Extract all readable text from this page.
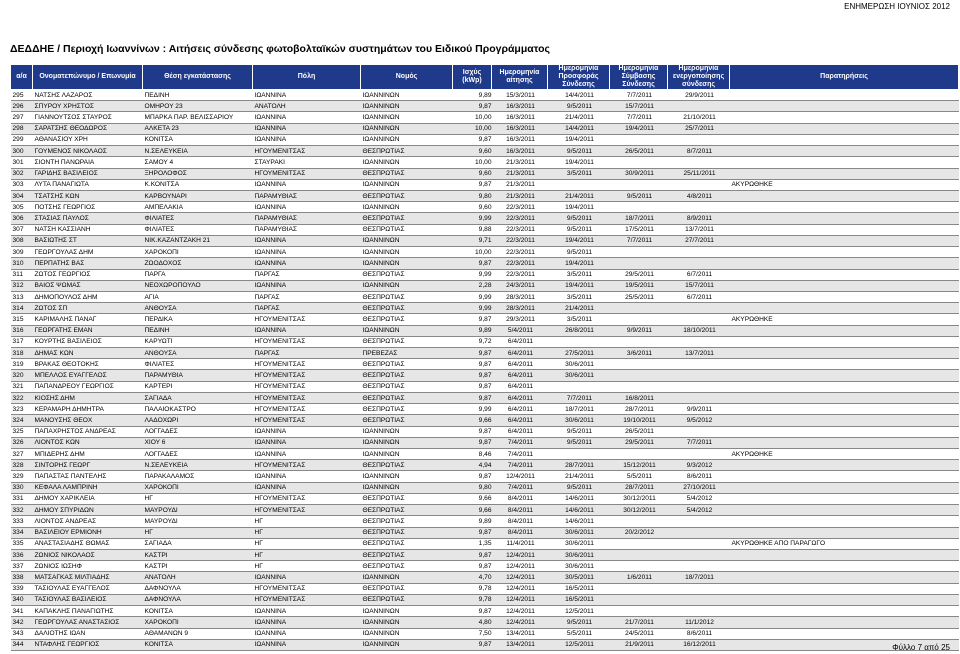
ΕΝΗΜΕΡΩΣΗ ΙΟΥΝΙΟΣ 2012
ΔΕΔΔΗΕ / Περιοχή Ιωαννίνων : Αιτήσεις σύνδεσης φωτοβολταϊκών συστημάτων του Ειδικού Προγράμματος
α/α	Ονοματεπώνυμο / Επωνυμία	Θέση εγκατάστασης	Πόλη	Νομός	Ισχύς (kWp)	Ημερομηνία αίτησης	Ημερομηνία Προσφοράς Σύνδεσης	Ημερομηνία Σύμβασης Σύνδεσης	Ημερομηνία ενεργοποίησης σύνδεσης	Παρατηρήσεις
295	ΝΑΤΣΗΣ ΛΑΖΑΡΟΣ	ΠΕΔΙΝΗ	ΙΩΑΝΝΙΝΑ	ΙΩΑΝΝΙΝΩΝ	9,89	15/3/2011	14/4/2011	7/7/2011	29/9/2011	
296	ΣΠΥΡΟΥ ΧΡΗΣΤΟΣ	ΟΜΗΡΟΥ 23	ΑΝΑΤΟΛΗ	ΙΩΑΝΝΙΝΩΝ	9,87	16/3/2011	9/5/2011	15/7/2011		
297	ΓΙΑΝΝΟΥΤΣΟΣ ΣΤΑΥΡΟΣ	ΜΠΑΡΚΑ ΠΑΡ. ΒΕΛΙΣΣΑΡΙΟΥ	ΙΩΑΝΝΙΝΑ	ΙΩΑΝΝΙΝΩΝ	10,00	16/3/2011	21/4/2011	7/7/2011	21/10/2011	
298	ΣΑΡΑΤΣΗΣ ΘΕΟΔΩΡΟΣ	ΑΛΚΕΤΑ 23	ΙΩΑΝΝΙΝΑ	ΙΩΑΝΝΙΝΩΝ	10,00	16/3/2011	14/4/2011	19/4/2011	25/7/2011	
299	ΑΘΑΝΑΣΙΟΥ ΧΡΗ	ΚΟΝΙΤΣΑ	ΙΩΑΝΝΙΝΑ	ΙΩΑΝΝΙΝΩΝ	9,87	16/3/2011	19/4/2011			
300	ΓΟΥΜΕΝΟΣ ΝΙΚΟΛΑΟΣ	Ν.ΣΕΛΕΥΚΕΙΑ	ΗΓΟΥΜΕΝΙΤΣΑΣ	ΘΕΣΠΡΩΤΙΑΣ	9,60	16/3/2011	9/5/2011	26/5/2011	8/7/2011	
301	ΣΙΟΝΤΗ ΠΑΝΩΡΑΙΑ	ΣΑΜΟΥ 4	ΣΤΑΥΡΑΚΙ	ΙΩΑΝΝΙΝΩΝ	10,00	21/3/2011	19/4/2011			
302	ΓΑΡΙΔΗΣ ΒΑΣΙΛΕΙΟΣ	ΞΗΡΟΛΟΦΟΣ	ΗΓΟΥΜΕΝΙΤΣΑΣ	ΘΕΣΠΡΩΤΙΑΣ	9,60	21/3/2011	3/5/2011	30/9/2011	25/11/2011	
303	ΛΥΤΑ ΠΑΝΑΓΙΩΤΑ	Κ.ΚΟΝΙΤΣΑ	ΙΩΑΝΝΙΝΑ	ΙΩΑΝΝΙΝΩΝ	9,87	21/3/2011				ΑΚΥΡΩΘΗΚΕ
304	ΤΣΑΤΣΗΣ ΚΩΝ	ΚΑΡΒΟΥΝΑΡΙ	ΠΑΡΑΜΥΘΙΑΣ	ΘΕΣΠΡΩΤΙΑΣ	9,80	21/3/2011	21/4/2011	9/5/2011	4/8/2011	
305	ΠΟΤΣΗΣ ΓΕΩΡΓΙΟΣ	ΑΜΠΕΛΑΚΙΑ	ΙΩΑΝΝΙΝΑ	ΙΩΑΝΝΙΝΩΝ	9,60	22/3/2011	19/4/2011			
306	ΣΤΑΣΙΑΣ ΠΑΥΛΟΣ	ΦΙΛΙΑΤΕΣ	ΠΑΡΑΜΥΘΙΑΣ	ΘΕΣΠΡΩΤΙΑΣ	9,99	22/3/2011	9/5/2011	18/7/2011	8/9/2011	
307	ΝΑΤΣΗ ΚΑΣΣΙΑΝΗ	ΦΙΛΙΑΤΕΣ	ΠΑΡΑΜΥΘΙΑΣ	ΘΕΣΠΡΩΤΙΑΣ	9,88	22/3/2011	9/5/2011	17/5/2011	13/7/2011	
308	ΒΑΣΙΩΤΗΣ ΣΤ	ΝΙΚ.ΚΑΖΑΝΤΖΑΚΗ 21	ΙΩΑΝΝΙΝΑ	ΙΩΑΝΝΙΝΩΝ	9,71	22/3/2011	19/4/2011	7/7/2011	27/7/2011	
309	ΓΕΩΡΓΟΥΛΑΣ ΔΗΜ	ΧΑΡΟΚΟΠΙ	ΙΩΑΝΝΙΝΑ	ΙΩΑΝΝΙΝΩΝ	10,00	22/3/2011	9/5/2011			
310	ΠΕΡΠΑΤΗΣ ΒΑΣ	ΖΩΟΔΟΧΟΣ	ΙΩΑΝΝΙΝΑ	ΙΩΑΝΝΙΝΩΝ	9,87	22/3/2011	19/4/2011			
311	ΖΩΤΟΣ ΓΕΩΡΓΙΟΣ	ΠΑΡΓΑ	ΠΑΡΓΑΣ	ΘΕΣΠΡΩΤΙΑΣ	9,99	22/3/2011	3/5/2011	29/5/2011	6/7/2011	
312	ΒΑΙΟΣ ΨΩΜΑΣ	ΝΕΟΧΩΡΟΠΟΥΛΟ	ΙΩΑΝΝΙΝΑ	ΙΩΑΝΝΙΝΩΝ	2,28	24/3/2011	19/4/2011	19/5/2011	15/7/2011	
313	ΔΗΜΟΠΟΥΛΟΣ ΔΗΜ	ΑΓΙΑ	ΠΑΡΓΑΣ	ΘΕΣΠΡΩΤΙΑΣ	9,99	28/3/2011	3/5/2011	25/5/2011	6/7/2011	
314	ΖΩΤΟΣ ΣΠ	ΑΝΘΟΥΣΑ	ΠΑΡΓΑΣ	ΘΕΣΠΡΩΤΙΑΣ	9,99	28/3/2011	21/4/2011			
315	ΚΑΡΙΜΑΛΗΣ ΠΑΝΑΓ	ΠΕΡΔΙΚΑ	ΗΓΟΥΜΕΝΙΤΣΑΣ	ΘΕΣΠΡΩΤΙΑΣ	9,87	29/3/2011	3/5/2011			ΑΚΥΡΩΘΗΚΕ
316	ΓΕΩΡΓΑΤΗΣ ΕΜΑΝ	ΠΕΔΙΝΗ	ΙΩΑΝΝΙΝΑ	ΙΩΑΝΝΙΝΩΝ	9,89	5/4/2011	26/8/2011	9/9/2011	18/10/2011	
317	ΚΟΥΡΤΗΣ ΒΑΣΙΛΕΙΟΣ	ΚΑΡΥΩΤΙ	ΗΓΟΥΜΕΝΙΤΣΑΣ	ΘΕΣΠΡΩΤΙΑΣ	9,72	6/4/2011				
318	ΔΗΜΑΣ ΚΩΝ	ΑΝΘΟΥΣΑ	ΠΑΡΓΑΣ	ΠΡΕΒΕΖΑΣ	9,87	6/4/2011	27/5/2011	3/6/2011	13/7/2011	
319	ΒΡΑΚΑΣ ΘΕΟΤΟΚΗΣ	ΦΙΛΙΑΤΕΣ	ΗΓΟΥΜΕΝΙΤΣΑΣ	ΘΕΣΠΡΩΤΙΑΣ	9,87	6/4/2011	30/6/2011			
320	ΜΠΕΛΛΟΣ ΕΥΑΓΓΕΛΟΣ	ΠΑΡΑΜΥΘΙΑ	ΗΓΟΥΜΕΝΙΤΣΑΣ	ΘΕΣΠΡΩΤΙΑΣ	9,87	6/4/2011	30/6/2011			
321	ΠΑΠΑΝΔΡΕΟΥ ΓΕΩΡΓΙΟΣ	ΚΑΡΤΕΡΙ	ΗΓΟΥΜΕΝΙΤΣΑΣ	ΘΕΣΠΡΩΤΙΑΣ	9,87	6/4/2011				
322	ΚΙΟΣΗΣ ΔΗΜ	ΣΑΓΙΑΔΑ	ΗΓΟΥΜΕΝΙΤΣΑΣ	ΘΕΣΠΡΩΤΙΑΣ	9,87	6/4/2011	7/7/2011	16/8/2011		
323	ΚΕΡΑΜΑΡΗ ΔΗΜΗΤΡΑ	ΠΑΛΑΙΟΚΑΣΤΡΟ	ΗΓΟΥΜΕΝΙΤΣΑΣ	ΘΕΣΠΡΩΤΙΑΣ	9,99	6/4/2011	18/7/2011	28/7/2011	9/9/2011	
324	ΜΑΝΟΥΣΗΣ ΘΕΟΧ	ΛΑΔΟΧΩΡΙ	ΗΓΟΥΜΕΝΙΤΣΑΣ	ΘΕΣΠΡΩΤΙΑΣ	9,66	6/4/2011	30/6/2011	19/10/2011	9/5/2012	
325	ΠΑΠΑΧΡΗΣΤΟΣ ΑΝΔΡΕΑΣ	ΛΟΓΓΑΔΕΣ	ΙΩΑΝΝΙΝΑ	ΙΩΑΝΝΙΝΩΝ	9,87	6/4/2011	9/5/2011	26/5/2011		
326	ΛΙΟΝΤΟΣ ΚΩΝ	ΧΙΟΥ 6	ΙΩΑΝΝΙΝΑ	ΙΩΑΝΝΙΝΩΝ	9,87	7/4/2011	9/5/2011	29/5/2011	7/7/2011	
327	ΜΠΙΔΕΡΗΣ ΔΗΜ	ΛΟΓΓΑΔΕΣ	ΙΩΑΝΝΙΝΑ	ΙΩΑΝΝΙΝΩΝ	8,46	7/4/2011				ΑΚΥΡΩΘΗΚΕ
328	ΣΙΝΤΟΡΗΣ ΓΕΩΡΓ	Ν.ΣΕΛΕΥΚΕΙΑ	ΗΓΟΥΜΕΝΙΤΣΑΣ	ΘΕΣΠΡΩΤΙΑΣ	4,94	7/4/2011	28/7/2011	15/12/2011	9/3/2012	
329	ΠΑΠΑΣΤΑΣ ΠΑΝΤΕΛΗΣ	ΠΑΡΑΚΑΛΑΜΟΣ	ΙΩΑΝΝΙΝΑ	ΙΩΑΝΝΙΝΩΝ	9,87	12/4/2011	21/4/2011	5/5/2011	8/6/2011	
330	ΚΕΦΑΛΑ ΛΑΜΠΡΙΝΗ	ΧΑΡΟΚΟΠΙ	ΙΩΑΝΝΙΝΑ	ΙΩΑΝΝΙΝΩΝ	9,80	7/4/2011	9/5/2011	28/7/2011	27/10/2011	
331	ΔΗΜΟΥ ΧΑΡΙΚΛΕΙΑ	ΗΓ	ΗΓΟΥΜΕΝΙΤΣΑΣ	ΘΕΣΠΡΩΤΙΑΣ	9,66	8/4/2011	14/6/2011	30/12/2011	5/4/2012	
332	ΔΗΜΟΥ ΣΠΥΡΙΔΩΝ	ΜΑΥΡΟΥΔΙ	ΗΓΟΥΜΕΝΙΤΣΑΣ	ΘΕΣΠΡΩΤΙΑΣ	9,66	8/4/2011	14/6/2011	30/12/2011	5/4/2012	
333	ΛΙΟΝΤΟΣ ΑΝΔΡΕΑΣ	ΜΑΥΡΟΥΔΙ	ΗΓ	ΘΕΣΠΡΩΤΙΑΣ	9,89	8/4/2011	14/6/2011			
334	ΒΑΣΙΛΕΙΟΥ ΕΡΜΙΟΝΗ	ΗΓ	ΗΓ	ΘΕΣΠΡΩΤΙΑΣ	9,87	8/4/2011	30/6/2011	20/2/2012		
335	ΑΝΑΣΤΑΣΙΑΔΗΣ ΘΩΜΑΣ	ΣΑΓΙΑΔΑ	ΗΓ	ΘΕΣΠΡΩΤΙΑΣ	1,35	11/4/2011	30/6/2011			ΑΚΥΡΩΘΗΚΕ ΑΠΟ ΠΑΡΑΓΩΓΟ
336	ΖΩΝΙΟΣ ΝΙΚΟΛΑΟΣ	ΚΑΣΤΡΙ	ΗΓ	ΘΕΣΠΡΩΤΙΑΣ	9,87	12/4/2011	30/6/2011			
337	ΖΩΝΙΟΣ ΙΩΣΗΦ	ΚΑΣΤΡΙ	ΗΓ	ΘΕΣΠΡΩΤΙΑΣ	9,87	12/4/2011	30/6/2011			
338	ΜΑΤΣΑΓΚΑΣ ΜΙΛΤΙΑΔΗΣ	ΑΝΑΤΟΛΗ	ΙΩΑΝΝΙΝΑ	ΙΩΑΝΝΙΝΩΝ	4,70	12/4/2011	30/5/2011	1/6/2011	18/7/2011	
339	ΤΑΣΙΟΥΛΑΣ ΕΥΑΓΓΕΛΟΣ	ΔΑΦΝΟΥΛΑ	ΗΓΟΥΜΕΝΙΤΣΑΣ	ΘΕΣΠΡΩΤΙΑΣ	9,78	12/4/2011	16/5/2011			
340	ΤΑΣΙΟΥΛΑΣ ΒΑΣΙΛΕΙΟΣ	ΔΑΦΝΟΥΛΑ	ΗΓΟΥΜΕΝΙΤΣΑΣ	ΘΕΣΠΡΩΤΙΑΣ	9,78	12/4/2011	16/5/2011			
341	ΚΑΠΑΚΛΗΣ ΠΑΝΑΓΙΩΤΗΣ	ΚΟΝΙΤΣΑ	ΙΩΑΝΝΙΝΑ	ΙΩΑΝΝΙΝΩΝ	9,87	12/4/2011	12/5/2011			
342	ΓΕΩΡΓΟΥΛΑΣ ΑΝΑΣΤΑΣΙΟΣ	ΧΑΡΟΚΟΠΙ	ΙΩΑΝΝΙΝΑ	ΙΩΑΝΝΙΝΩΝ	4,80	12/4/2011	9/5/2011	21/7/2011	11/1/2012	
343	ΔΑΛΙΟΤΗΣ ΙΩΑΝ	ΑΘΑΜΑΝΩΝ 9	ΙΩΑΝΝΙΝΑ	ΙΩΑΝΝΙΝΩΝ	7,50	13/4/2011	5/5/2011	24/5/2011	8/6/2011	
344	ΝΤΑΦΛΗΣ ΓΕΩΡΓΙΟΣ	ΚΟΝΙΤΣΑ	ΙΩΑΝΝΙΝΑ	ΙΩΑΝΝΙΝΩΝ	9,87	13/4/2011	12/5/2011	21/9/2011	16/12/2011		Φύλλο 7 από 25
